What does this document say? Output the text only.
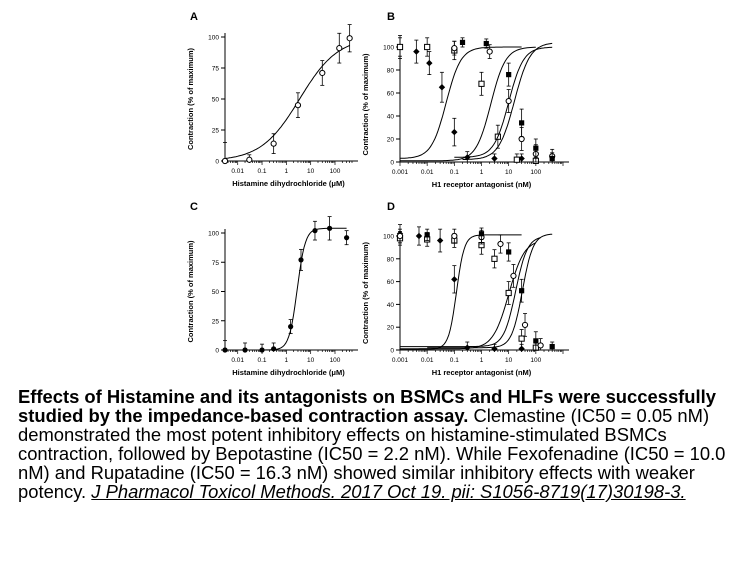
A
0
25
50
75
100
0.01 0.1	1	10 100
Histamine dihydrochloride (μM)
Contraction (% of maximum)
B
0
20
40
60
80
100
0.001 0.01	0.1	1	10	100
H1 receptor antagonist (nM)
Contraction (% of maximum)
C
0
25
50
75
100
0.01 0.1	1	10 100
Histamine dihydrochloride (μM)
Contraction (% of maximum)
D
0
20
40
60
80
100
0.001 0.01	0.1	1	10	100
H1 receptor antagonist (nM)
Contraction (% of maximum)
Effects of Histamine and its antagonists on BSMCs and HLFs were successfully studied by the impedance-based contraction assay. Clemastine (IC50 = 0.05 nM) demonstrated the most potent inhibitory effects on histamine-stimulated BSMCs contraction, followed by Bepotastine (IC50 = 2.2 nM). While Fexofenadine (IC50 = 10.0 nM) and Rupatadine (IC50 = 16.3 nM) showed similar inhibitory effects with weaker potency. J Pharmacol Toxicol Methods. 2017 Oct 19. pii: S1056-8719(17)30198-3.
